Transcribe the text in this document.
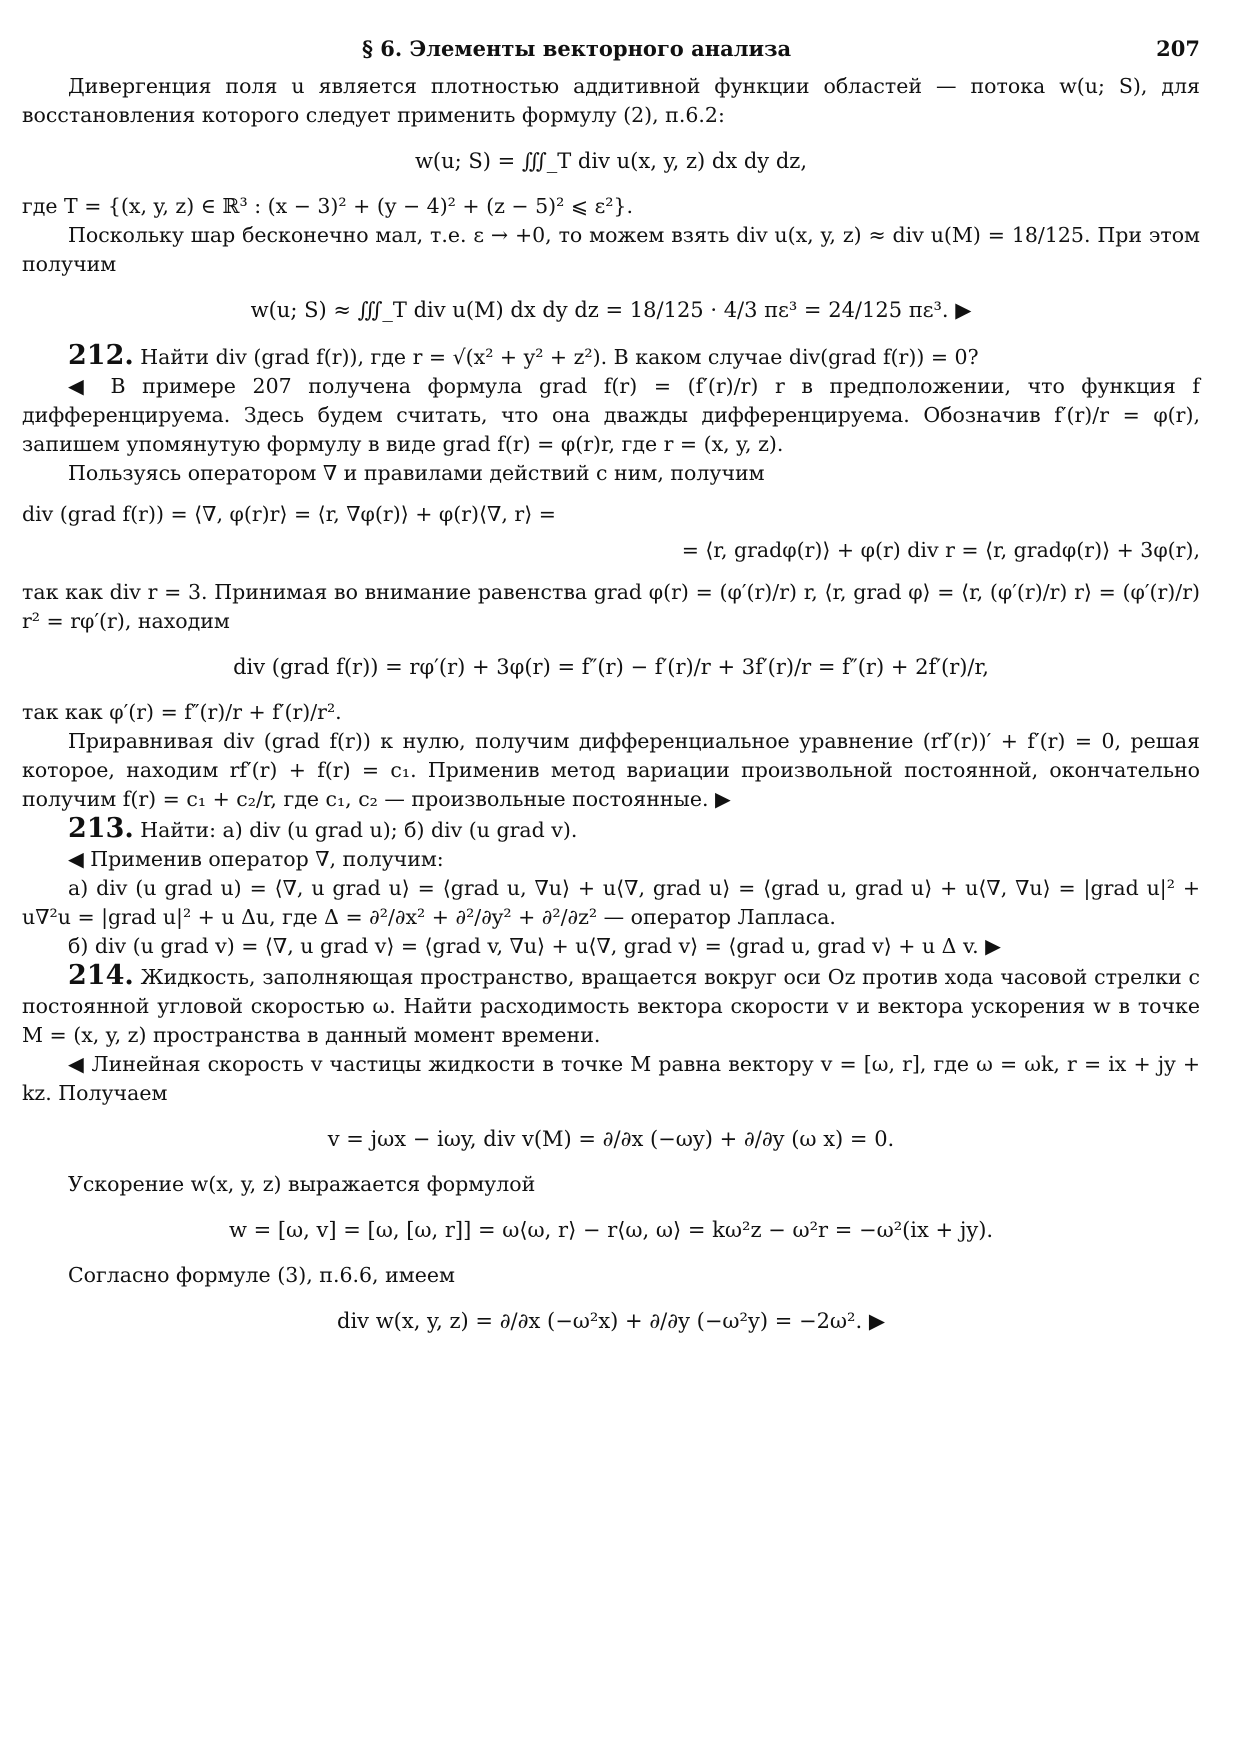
§ 6. Элементы векторного анализа	207

Дивергенция поля u является плотностью аддитивной функции областей — потока w(u; S), для восстановления которого следует применить формулу (2), п.6.2:

w(u; S) = ∭_T div u(x, y, z) dx dy dz,

где T = {(x, y, z) ∈ ℝ³ : (x − 3)² + (y − 4)² + (z − 5)² ⩽ ε²}.

Поскольку шар бесконечно мал, т.е. ε → +0, то можем взять div u(x, y, z) ≈ div u(M) = 18/125. При этом получим

w(u; S) ≈ ∭_T div u(M) dx dy dz = 18/125 · 4/3 πε³ = 24/125 πε³. ▶

212. Найти div (grad f(r)), где r = √(x² + y² + z²). В каком случае div(grad f(r)) = 0?

◀ В примере 207 получена формула grad f(r) = (f′(r)/r) r в предположении, что функция f дифференцируема. Здесь будем считать, что она дважды дифференцируема. Обозначив f′(r)/r = φ(r), запишем упомянутую формулу в виде grad f(r) = φ(r)r, где r = (x, y, z).

Пользуясь оператором ∇ и правилами действий с ним, получим

div (grad f(r)) = ⟨∇, φ(r)r⟩ = ⟨r, ∇φ(r)⟩ + φ(r)⟨∇, r⟩ =
= ⟨r, gradφ(r)⟩ + φ(r) div r = ⟨r, gradφ(r)⟩ + 3φ(r),

так как div r = 3. Принимая во внимание равенства grad φ(r) = (φ′(r)/r) r, ⟨r, grad φ⟩ = ⟨r, (φ′(r)/r) r⟩ = (φ′(r)/r) r² = rφ′(r), находим

div (grad f(r)) = rφ′(r) + 3φ(r) = f″(r) − f′(r)/r + 3f′(r)/r = f″(r) + 2f′(r)/r,

так как φ′(r) = f″(r)/r + f′(r)/r².

Приравнивая div (grad f(r)) к нулю, получим дифференциальное уравнение (rf′(r))′ + f′(r) = 0, решая которое, находим rf′(r) + f(r) = c₁. Применив метод вариации произвольной постоянной, окончательно получим f(r) = c₁ + c₂/r, где c₁, c₂ — произвольные постоянные. ▶

213. Найти: а) div (u grad u); б) div (u grad v).

◀ Применив оператор ∇, получим:

а) div (u grad u) = ⟨∇, u grad u⟩ = ⟨grad u, ∇u⟩ + u⟨∇, grad u⟩ = ⟨grad u, grad u⟩ + u⟨∇, ∇u⟩ = |grad u|² + u∇²u = |grad u|² + u Δu, где Δ = ∂²/∂x² + ∂²/∂y² + ∂²/∂z² — оператор Лапласа.

б) div (u grad v) = ⟨∇, u grad v⟩ = ⟨grad v, ∇u⟩ + u⟨∇, grad v⟩ = ⟨grad u, grad v⟩ + u Δ v. ▶

214. Жидкость, заполняющая пространство, вращается вокруг оси Oz против хода часовой стрелки с постоянной угловой скоростью ω. Найти расходимость вектора скорости v и вектора ускорения w в точке M = (x, y, z) пространства в данный момент времени.

◀ Линейная скорость v частицы жидкости в точке M равна вектору v = [ω, r], где ω = ωk, r = ix + jy + kz. Получаем

v = jωx − iωy, div v(M) = ∂/∂x (−ωy) + ∂/∂y (ω x) = 0.

Ускорение w(x, y, z) выражается формулой

w = [ω, v] = [ω, [ω, r]] = ω⟨ω, r⟩ − r⟨ω, ω⟩ = kω²z − ω²r = −ω²(ix + jy).

Согласно формуле (3), п.6.6, имеем

div w(x, y, z) = ∂/∂x (−ω²x) + ∂/∂y (−ω²y) = −2ω². ▶
